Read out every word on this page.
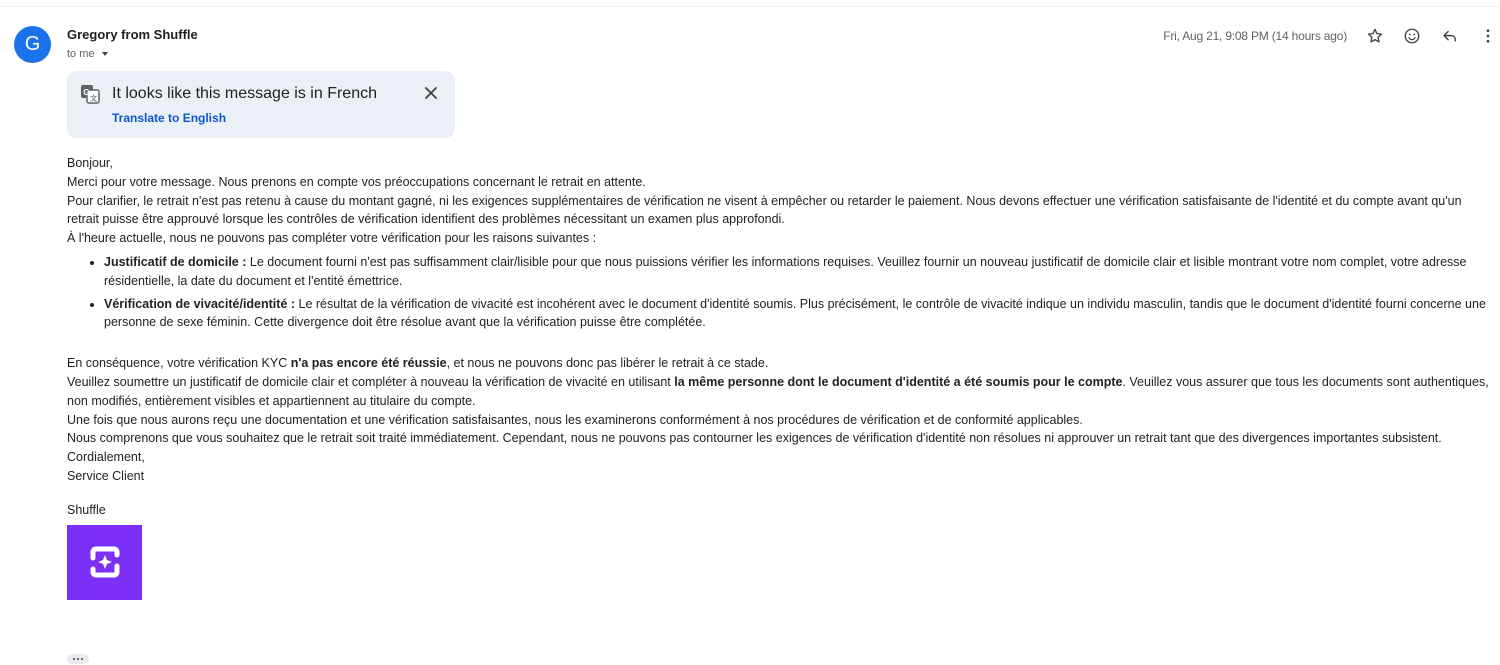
G Gregory from Shuffle
to me
Fri, Aug 21, 9:08 PM (14 hours ago)
G
文 It looks like this message is in French
Translate to English

Bonjour,

Merci pour votre message. Nous prenons en compte vos préoccupations concernant le retrait en attente.

Pour clarifier, le retrait n'est pas retenu à cause du montant gagné, ni les exigences supplémentaires de vérification ne visent à empêcher ou retarder le paiement. Nous devons effectuer une vérification satisfaisante de l'identité et du compte avant qu'un retrait puisse être approuvé lorsque les contrôles de vérification identifient des problèmes nécessitant un examen plus approfondi.

À l'heure actuelle, nous ne pouvons pas compléter votre vérification pour les raisons suivantes :

• Justificatif de domicile : Le document fourni n'est pas suffisamment clair/lisible pour que nous puissions vérifier les informations requises. Veuillez fournir un nouveau justificatif de domicile clair et lisible montrant votre nom complet, votre adresse résidentielle, la date du document et l'entité émettrice.
• Vérification de vivacité/identité : Le résultat de la vérification de vivacité est incohérent avec le document d'identité soumis. Plus précisément, le contrôle de vivacité indique un individu masculin, tandis que le document d'identité fourni concerne une personne de sexe féminin. Cette divergence doit être résolue avant que la vérification puisse être complétée.

En conséquence, votre vérification KYC n'a pas encore été réussie, et nous ne pouvons donc pas libérer le retrait à ce stade.

Veuillez soumettre un justificatif de domicile clair et compléter à nouveau la vérification de vivacité en utilisant la même personne dont le document d'identité a été soumis pour le compte. Veuillez vous assurer que tous les documents sont authentiques, non modifiés, entièrement visibles et appartiennent au titulaire du compte.

Une fois que nous aurons reçu une documentation et une vérification satisfaisantes, nous les examinerons conformément à nos procédures de vérification et de conformité applicables.

Nous comprenons que vous souhaitez que le retrait soit traité immédiatement. Cependant, nous ne pouvons pas contourner les exigences de vérification d'identité non résolues ni approuver un retrait tant que des divergences importantes subsistent.

Cordialement,

Service Client

Shuffle
